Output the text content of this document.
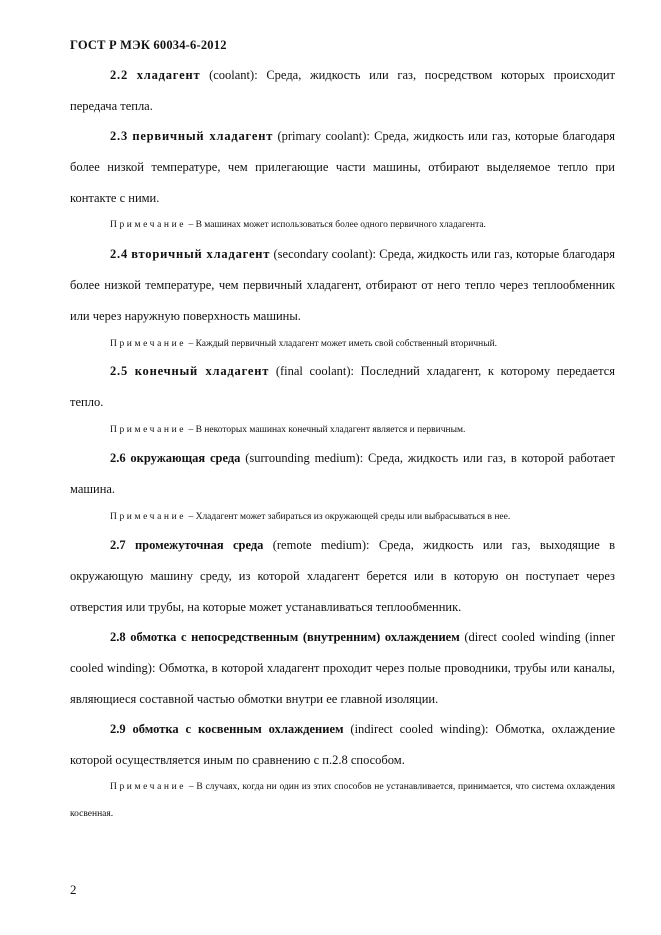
ГОСТ Р МЭК 60034-6-2012

2.2 хладагент (coolant): Среда, жидкость или газ, посредством которых происходит передача тепла.

2.3 первичный хладагент (primary coolant): Среда, жидкость или газ, которые благодаря более низкой температуре, чем прилегающие части машины, отбирают выделяемое тепло при контакте с ними.

Примечание – В машинах может использоваться более одного первичного хладагента.

2.4 вторичный хладагент (secondary coolant): Среда, жидкость или газ, которые благодаря более низкой температуре, чем первичный хладагент, отбирают от него тепло через теплообменник или через наружную поверхность машины.

Примечание – Каждый первичный хладагент может иметь свой собственный вторичный.

2.5 конечный хладагент (final coolant): Последний хладагент, к которому передается тепло.

Примечание – В некоторых машинах конечный хладагент является и первичным.

2.6 окружающая среда (surrounding medium): Среда, жидкость или газ, в которой работает машина.

Примечание – Хладагент может забираться из окружающей среды или выбрасываться в нее.

2.7 промежуточная среда (remote medium): Среда, жидкость или газ, выходящие в окружающую машину среду, из которой хладагент берется или в которую он поступает через отверстия или трубы, на которые может устанавливаться теплообменник.

2.8 обмотка с непосредственным (внутренним) охлаждением (direct cooled winding (inner cooled winding): Обмотка, в которой хладагент проходит через полые проводники, трубы или каналы, являющиеся составной частью обмотки внутри ее главной изоляции.

2.9 обмотка с косвенным охлаждением (indirect cooled winding): Обмотка, охлаждение которой осуществляется иным по сравнению с п.2.8 способом.

Примечание – В случаях, когда ни один из этих способов не устанавливается, принимается, что система охлаждения косвенная.

2
